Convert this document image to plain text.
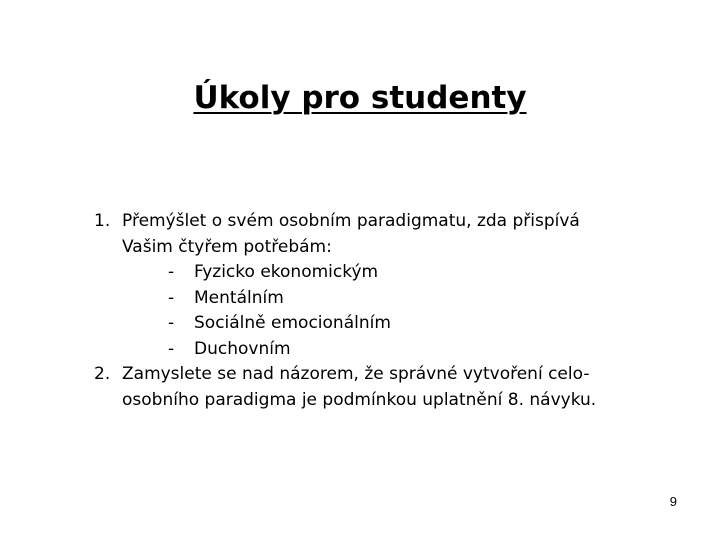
Úkoly pro studenty
1. Přemýšlet o svém osobním paradigmatu, zda přispívá
Vašim čtyřem potřebám:
- Fyzicko ekonomickým
- Mentálním
- Sociálně emocionálním
- Duchovním
2. Zamyslete se nad názorem, že správné vytvoření celo-
osobního paradigma je podmínkou uplatnění 8. návyku.
9
